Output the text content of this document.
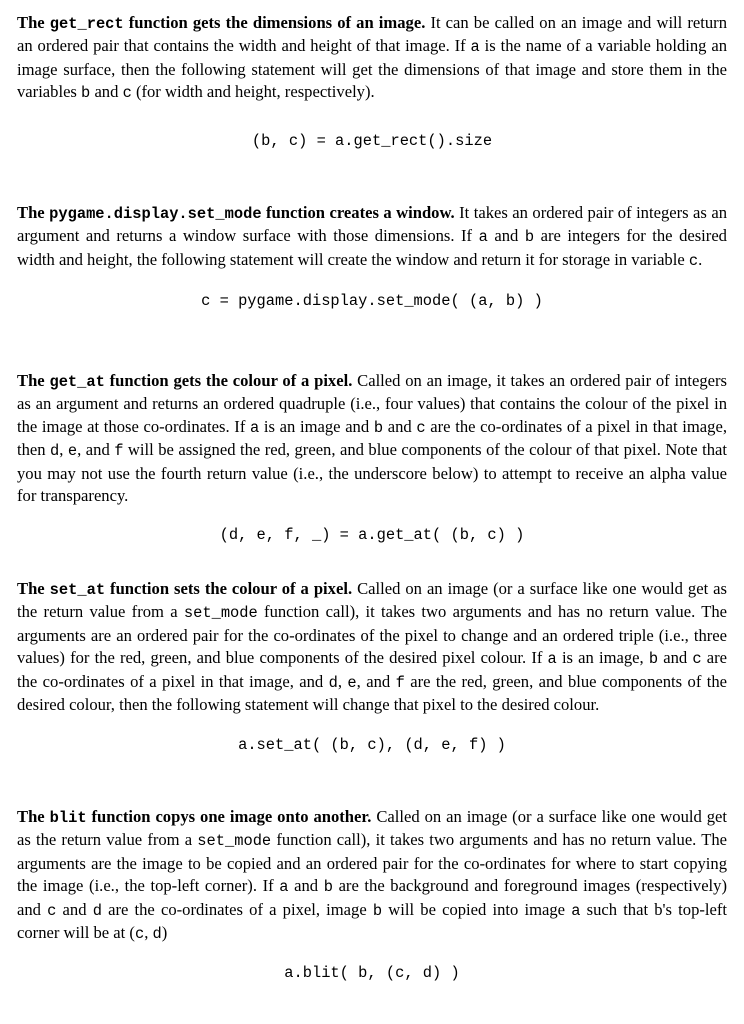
The get_rect function gets the dimensions of an image. It can be called on an image and will return an ordered pair that contains the width and height of that image. If a is the name of a variable holding an image surface, then the following statement will get the dimensions of that image and store them in the variables b and c (for width and height, respectively).

(b, c) = a.get_rect().size

The pygame.display.set_mode function creates a window. It takes an ordered pair of integers as an argument and returns a window surface with those dimensions. If a and b are integers for the desired width and height, the following statement will create the window and return it for storage in variable c.

c = pygame.display.set_mode( (a, b) )

The get_at function gets the colour of a pixel. Called on an image, it takes an ordered pair of integers as an argument and returns an ordered quadruple (i.e., four values) that contains the colour of the pixel in the image at those co-ordinates. If a is an image and b and c are the co-ordinates of a pixel in that image, then d, e, and f will be assigned the red, green, and blue components of the colour of that pixel. Note that you may not use the fourth return value (i.e., the underscore below) to attempt to receive an alpha value for transparency.

(d, e, f, _) = a.get_at( (b, c) )

The set_at function sets the colour of a pixel. Called on an image (or a surface like one would get as the return value from a set_mode function call), it takes two arguments and has no return value. The arguments are an ordered pair for the co-ordinates of the pixel to change and an ordered triple (i.e., three values) for the red, green, and blue components of the desired pixel colour. If a is an image, b and c are the co-ordinates of a pixel in that image, and d, e, and f are the red, green, and blue components of the desired colour, then the following statement will change that pixel to the desired colour.

a.set_at( (b, c), (d, e, f) )

The blit function copys one image onto another. Called on an image (or a surface like one would get as the return value from a set_mode function call), it takes two arguments and has no return value. The arguments are the image to be copied and an ordered pair for the co-ordinates for where to start copying the image (i.e., the top-left corner). If a and b are the background and foreground images (respectively) and c and d are the co-ordinates of a pixel, image b will be copied into image a such that b's top-left corner will be at (c, d)

a.blit( b, (c, d) )
